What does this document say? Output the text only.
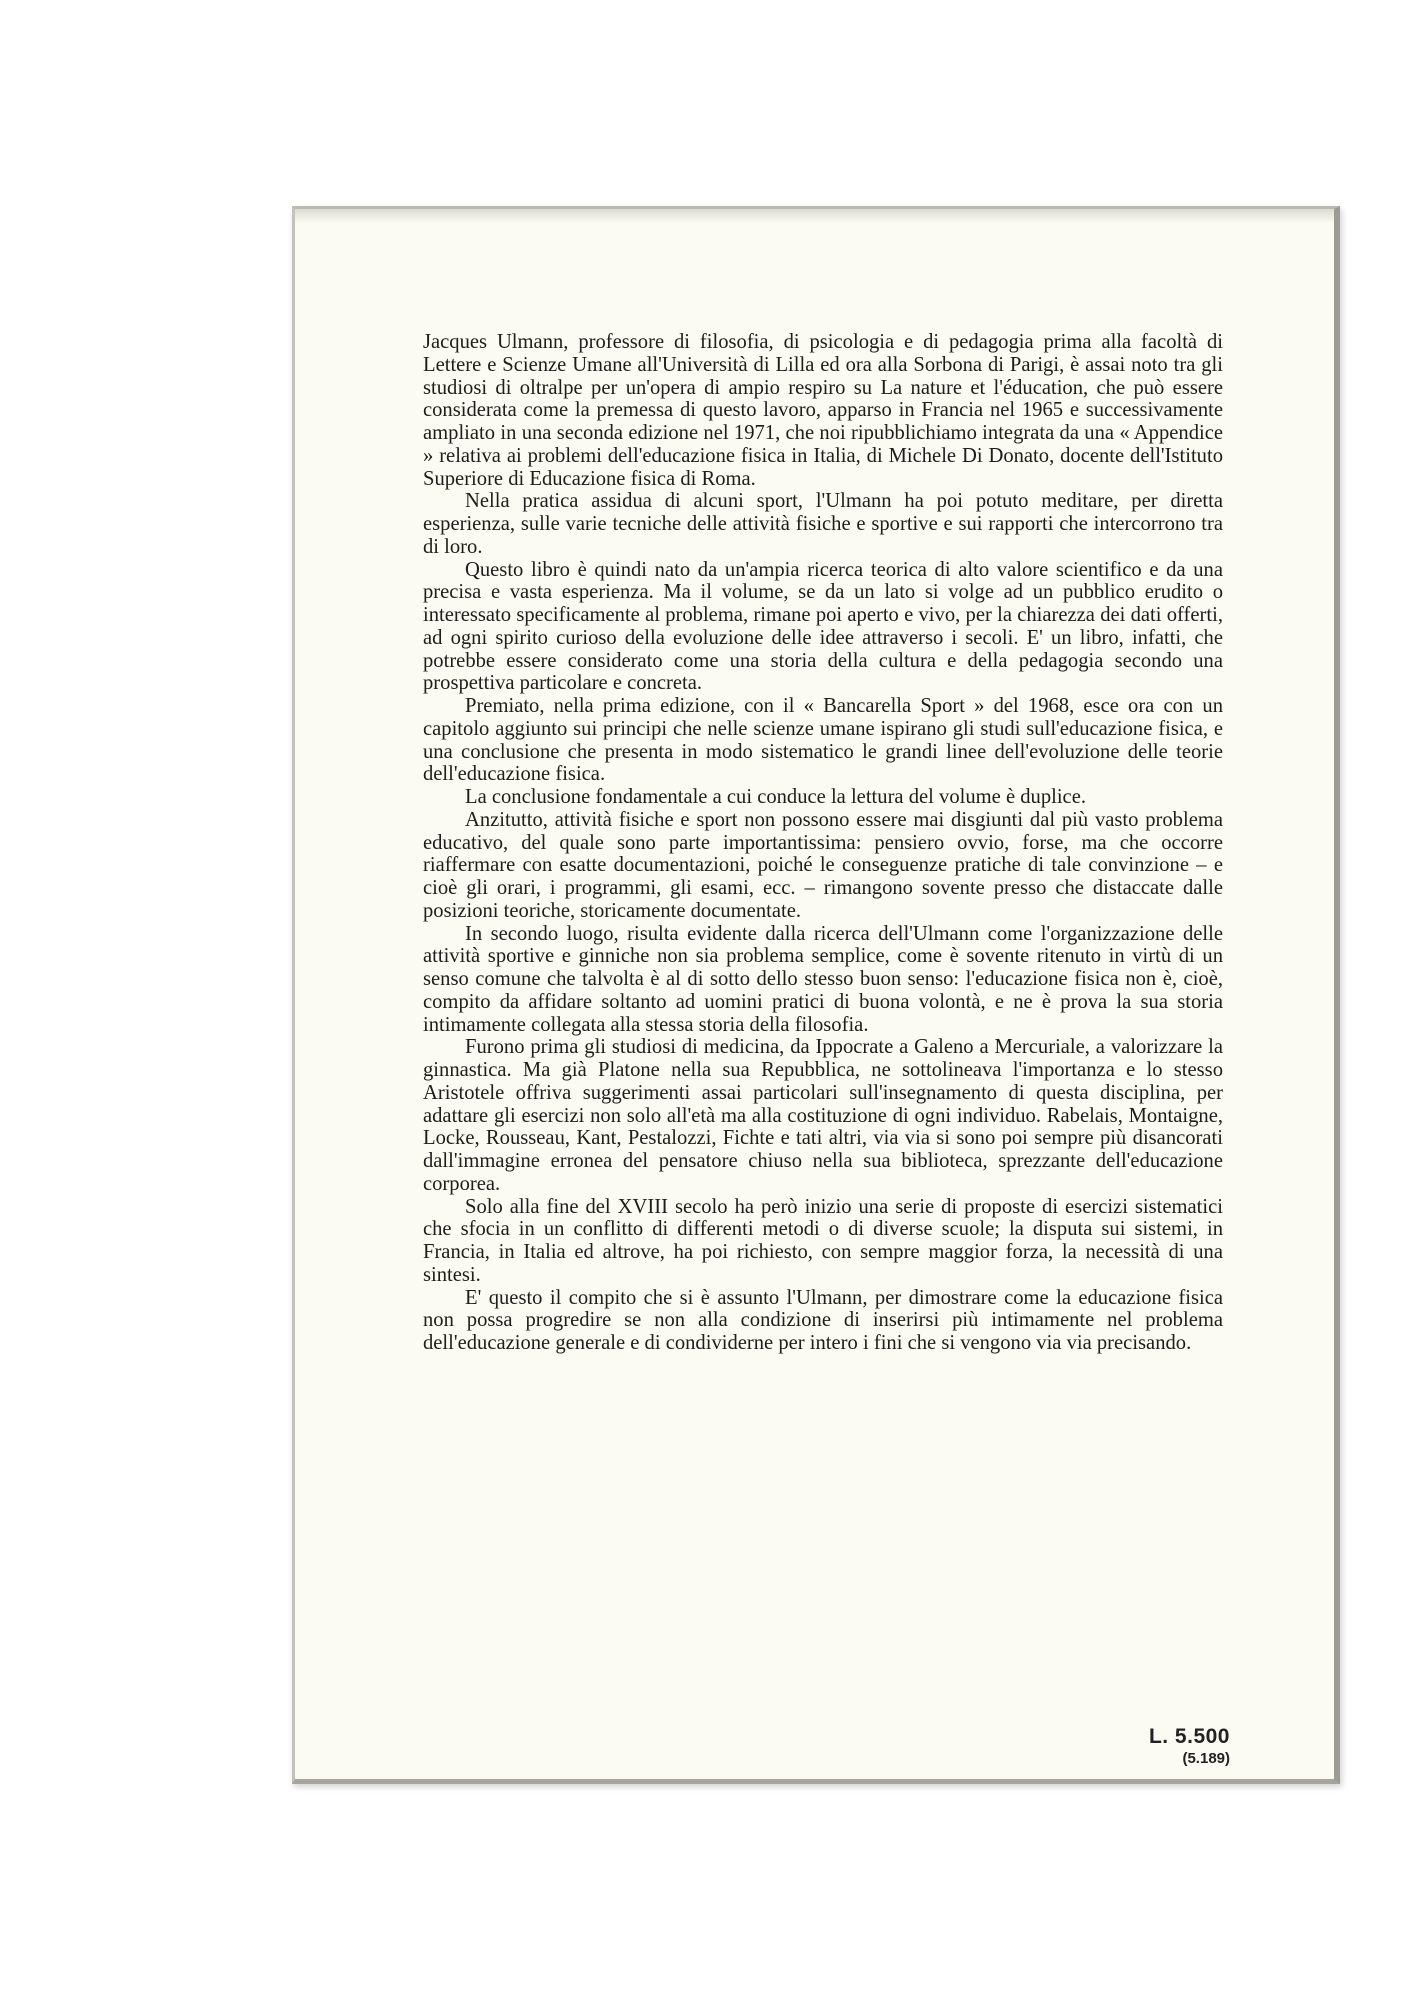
Jacques Ulmann, professore di filosofia, di psicologia e di pedagogia prima alla facoltà di Lettere e Scienze Umane all'Università di Lilla ed ora alla Sorbona di Parigi, è assai noto tra gli studiosi di oltralpe per un'opera di ampio respiro su La nature et l'éducation, che può essere considerata come la premessa di questo lavoro, apparso in Francia nel 1965 e successivamente ampliato in una seconda edizione nel 1971, che noi ripubblichiamo integrata da una « Appendice » relativa ai problemi dell'educazione fisica in Italia, di Michele Di Donato, docente dell'Istituto Superiore di Educazione fisica di Roma.

Nella pratica assidua di alcuni sport, l'Ulmann ha poi potuto meditare, per diretta esperienza, sulle varie tecniche delle attività fisiche e sportive e sui rapporti che intercorrono tra di loro.

Questo libro è quindi nato da un'ampia ricerca teorica di alto valore scientifico e da una precisa e vasta esperienza. Ma il volume, se da un lato si volge ad un pubblico erudito o interessato specificamente al problema, rimane poi aperto e vivo, per la chiarezza dei dati offerti, ad ogni spirito curioso della evoluzione delle idee attraverso i secoli. E' un libro, infatti, che potrebbe essere considerato come una storia della cultura e della pedagogia secondo una prospettiva particolare e concreta.

Premiato, nella prima edizione, con il « Bancarella Sport » del 1968, esce ora con un capitolo aggiunto sui principi che nelle scienze umane ispirano gli studi sull'educazione fisica, e una conclusione che presenta in modo sistematico le grandi linee dell'evoluzione delle teorie dell'educazione fisica.

La conclusione fondamentale a cui conduce la lettura del volume è duplice.

Anzitutto, attività fisiche e sport non possono essere mai disgiunti dal più vasto problema educativo, del quale sono parte importantissima: pensiero ovvio, forse, ma che occorre riaffermare con esatte documentazioni, poiché le conseguenze pratiche di tale convinzione – e cioè gli orari, i programmi, gli esami, ecc. – rimangono sovente presso che distaccate dalle posizioni teoriche, storicamente documentate.

In secondo luogo, risulta evidente dalla ricerca dell'Ulmann come l'organizzazione delle attività sportive e ginniche non sia problema semplice, come è sovente ritenuto in virtù di un senso comune che talvolta è al di sotto dello stesso buon senso: l'educazione fisica non è, cioè, compito da affidare soltanto ad uomini pratici di buona volontà, e ne è prova la sua storia intimamente collegata alla stessa storia della filosofia.

Furono prima gli studiosi di medicina, da Ippocrate a Galeno a Mercuriale, a valorizzare la ginnastica. Ma già Platone nella sua Repubblica, ne sottolineava l'importanza e lo stesso Aristotele offriva suggerimenti assai particolari sull'insegnamento di questa disciplina, per adattare gli esercizi non solo all'età ma alla costituzione di ogni individuo. Rabelais, Montaigne, Locke, Rousseau, Kant, Pestalozzi, Fichte e tati altri, via via si sono poi sempre più disancorati dall'immagine erronea del pensatore chiuso nella sua biblioteca, sprezzante dell'educazione corporea.

Solo alla fine del XVIII secolo ha però inizio una serie di proposte di esercizi sistematici che sfocia in un conflitto di differenti metodi o di diverse scuole; la disputa sui sistemi, in Francia, in Italia ed altrove, ha poi richiesto, con sempre maggior forza, la necessità di una sintesi.

E' questo il compito che si è assunto l'Ulmann, per dimostrare come la educazione fisica non possa progredire se non alla condizione di inserirsi più intimamente nel problema dell'educazione generale e di condividerne per intero i fini che si vengono via via precisando.

L. 5.500
(5.189)
